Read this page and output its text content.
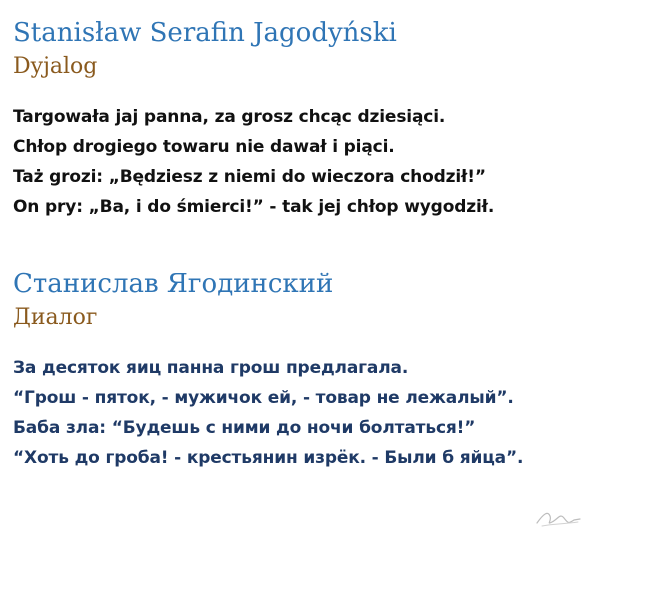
Stanisław Serafin Jagodyński
Dyjalog
Targowała jaj panna, za grosz chcąc dziesiąci.
Chłop drogiego towaru nie dawał i piąci.
Taż grozi: „Będziesz z niemi do wieczora chodził!”
On pry: „Ba, i do śmierci!” - tak jej chłop wygodził.
Станислав Ягодинский
Диалог
За десяток яиц панна грош предлагала.
“Грош - пяток, - мужичок ей, - товар не лежалый”.
Баба зла: “Будешь с ними до ночи болтаться!”
“Хоть до гроба! - крестьянин изрёк. - Были б яйца”.
